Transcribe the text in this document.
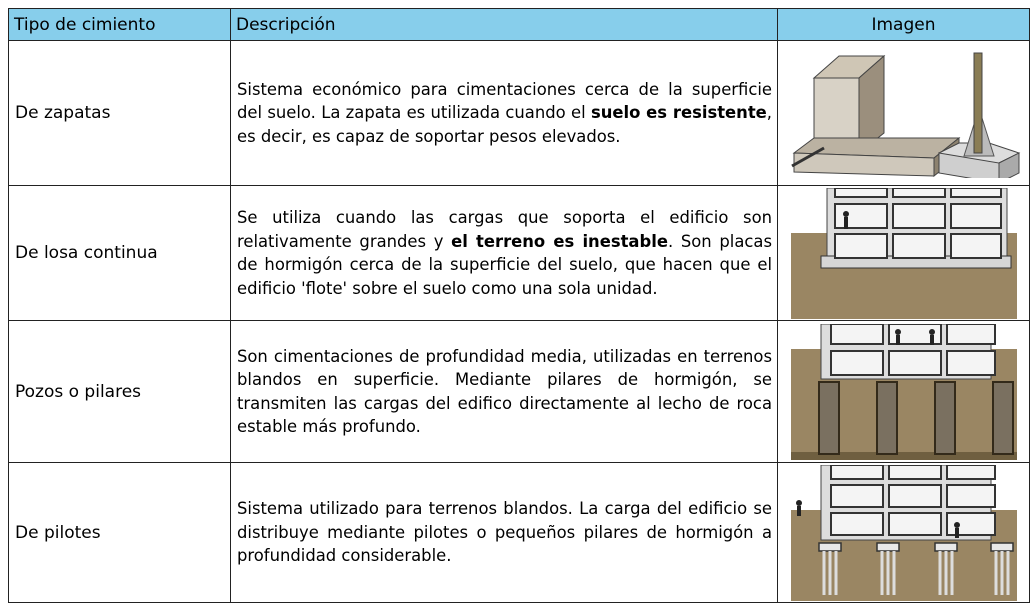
Tipo de cimiento	Descripción	Imagen
De zapatas	Sistema económico para cimentaciones cerca de la superficie del suelo. La zapata es utilizada cuando el suelo es resistente, es decir, es capaz de soportar pesos elevados.	

De losa continua	Se utiliza cuando las cargas que soporta el edificio son relativamente grandes y el terreno es inestable. Son placas de hormigón cerca de la superficie del suelo, que hacen que el edificio 'flote' sobre el suelo como una sola unidad.	

Pozos o pilares	Son cimentaciones de profundidad media, utilizadas en terrenos blandos en superficie. Mediante pilares de hormigón, se transmiten las cargas del edifico directamente al lecho de roca estable más profundo.	

De pilotes	Sistema utilizado para terrenos blandos. La carga del edificio se distribuye mediante pilotes o pequeños pilares de hormigón a profundidad considerable.	
